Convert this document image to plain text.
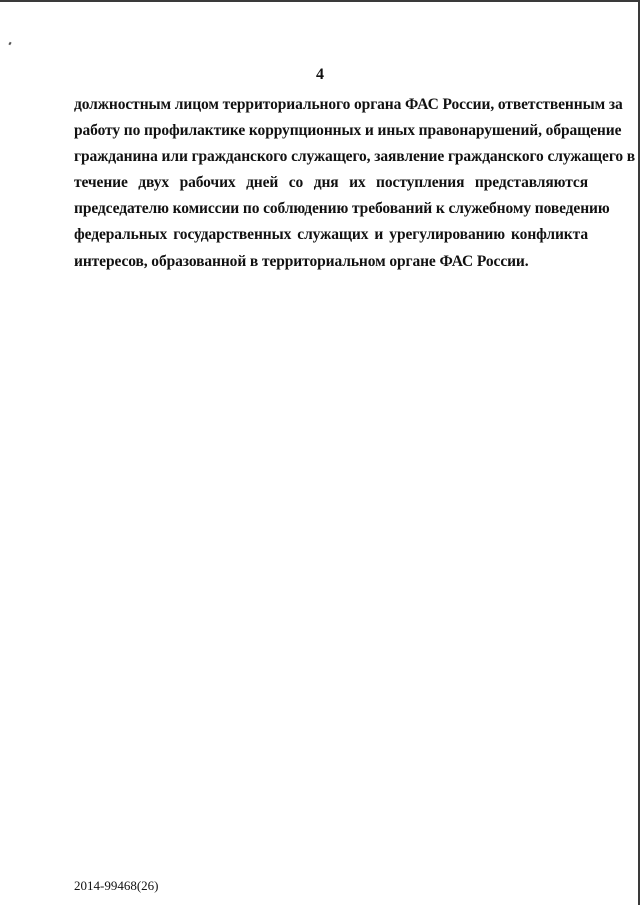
4

должностным лицом территориального органа ФАС России, ответственным за
работу по профилактике коррупционных и иных правонарушений, обращение
гражданина или гражданского служащего, заявление гражданского служащего в
течение двух рабочих дней со дня их поступления представляются
председателю комиссии по соблюдению требований к служебному поведению
федеральных государственных служащих и урегулированию конфликта
интересов, образованной в территориальном органе ФАС России.

2014-99468(26)
